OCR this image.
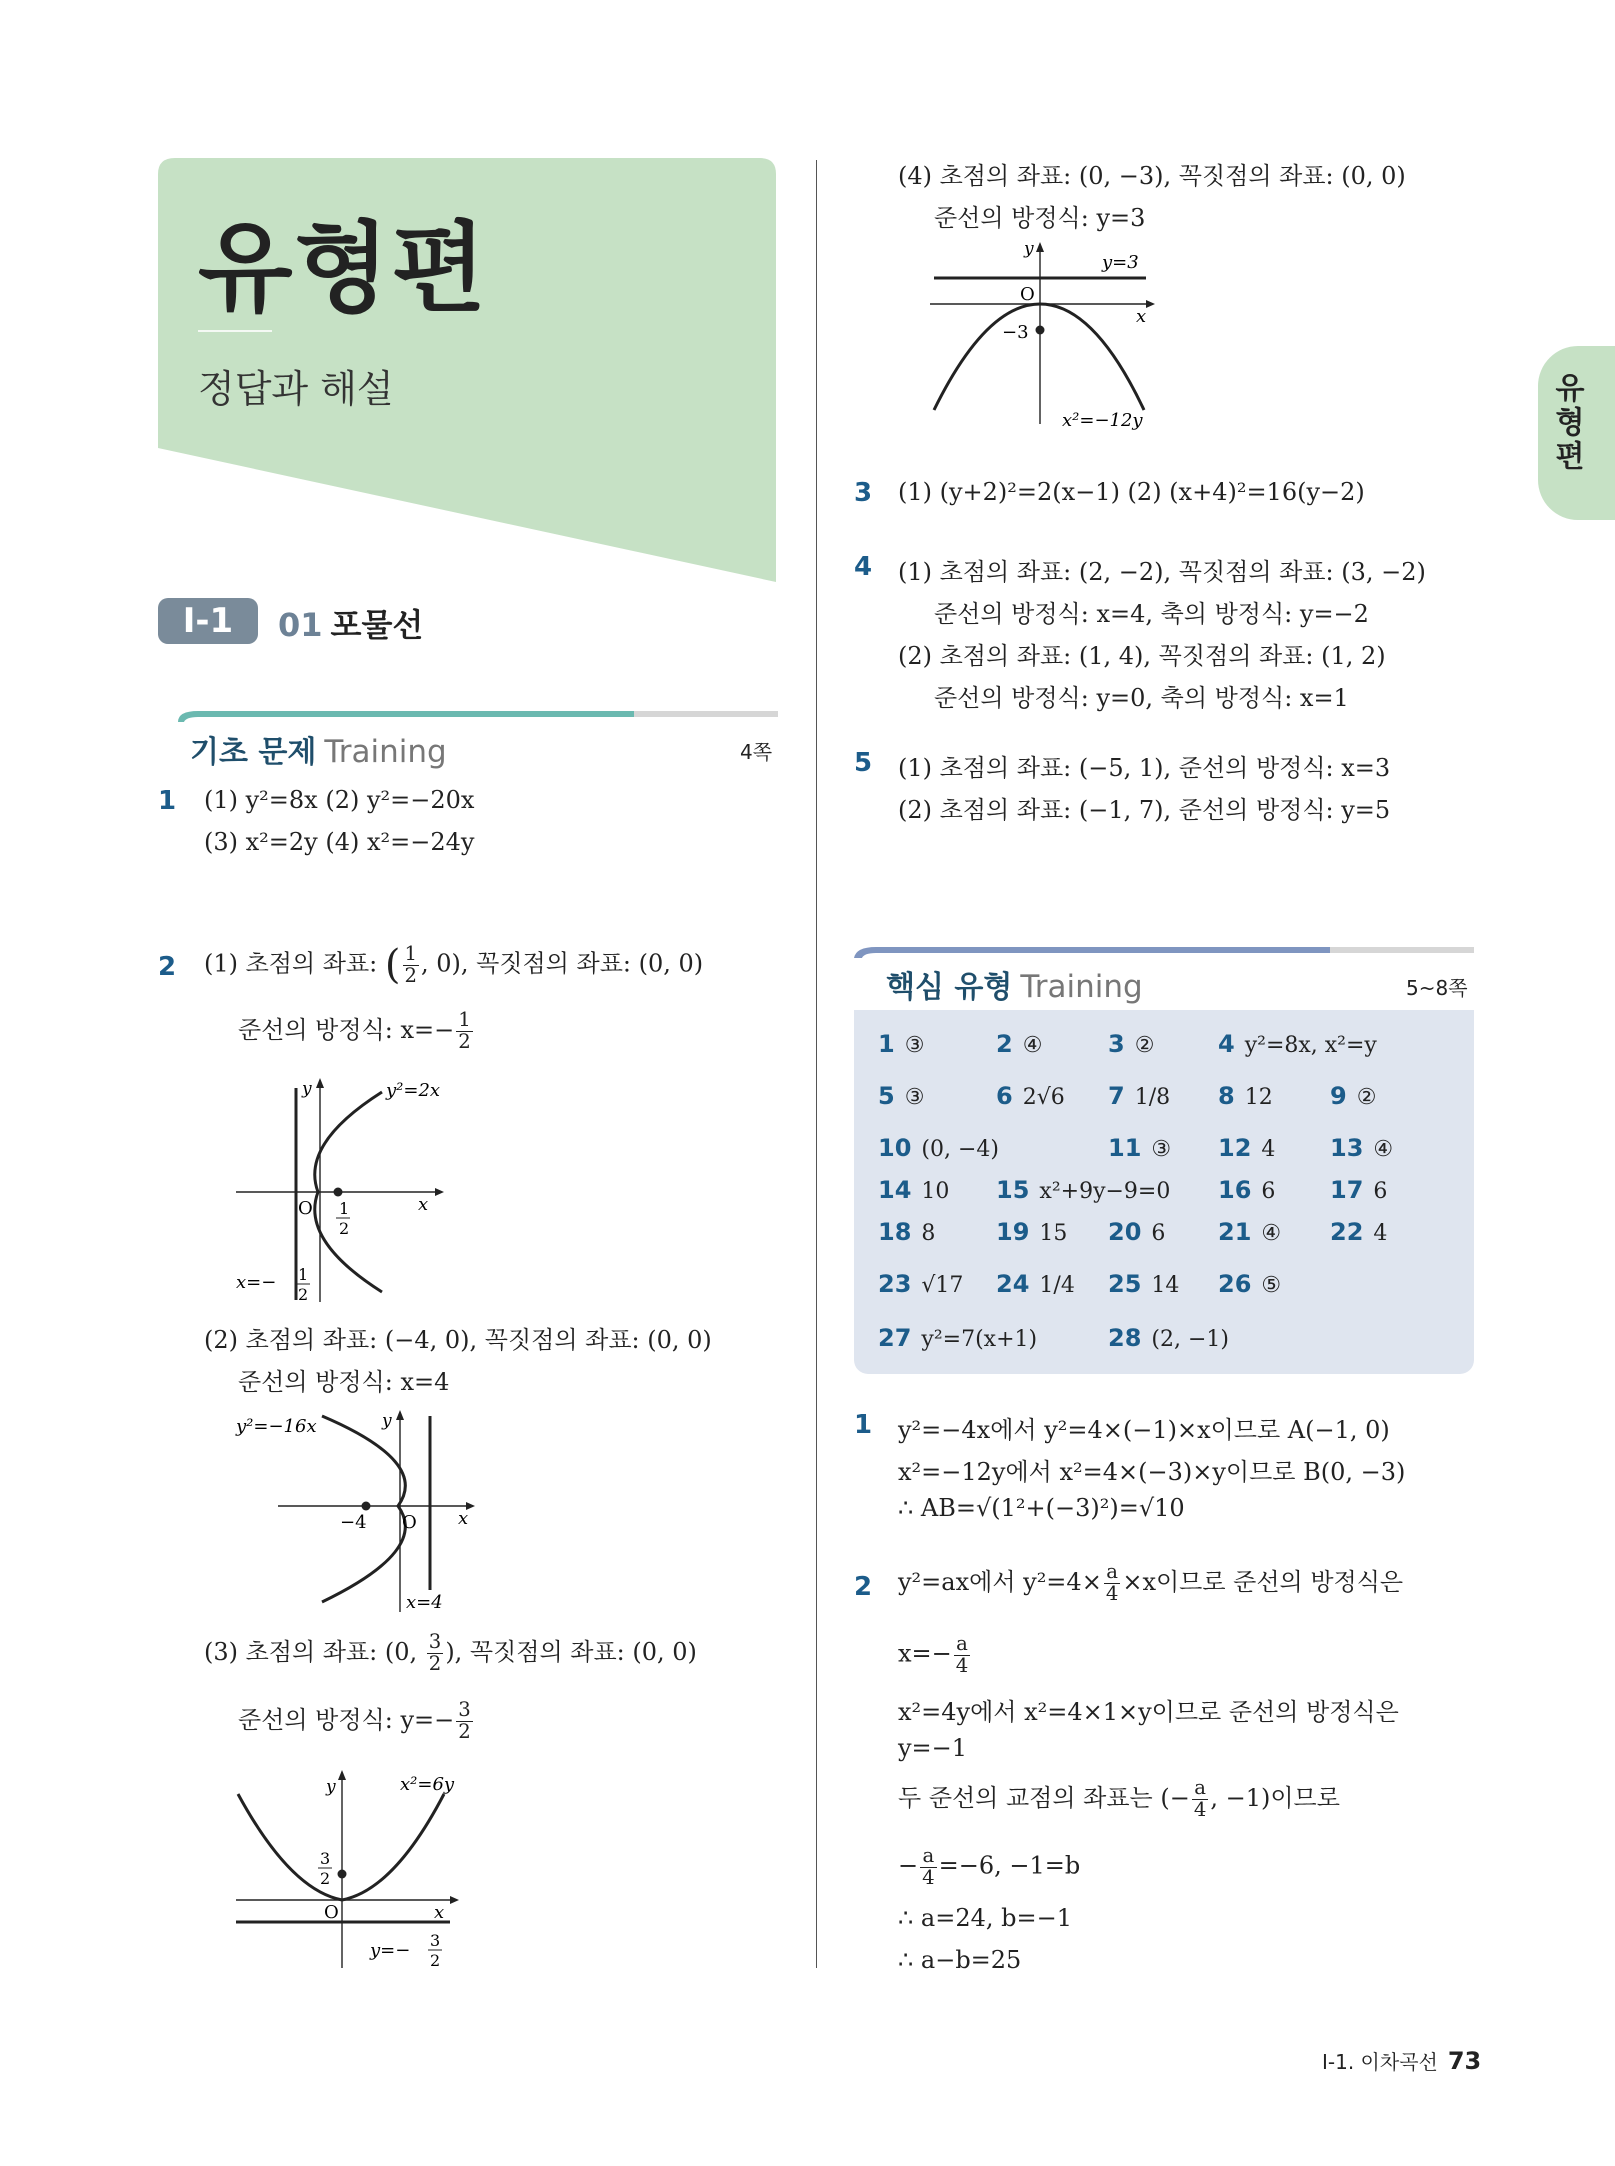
유형편
정답과 해설	유형편
Ⅰ-1	01 포물선
기초 문제 Training	4쪽
1 (1) y²=8x (2) y²=−20x
(3) x²=2y (4) x²=−24y
2 (1) 초점의 좌표: ( $\frac{1}{2}$ , 0), 꼭짓점의 좌표: (0, 0)
준선의 방정식: $x=- \frac{1}{2}$
y	y²=2x
O	x
1
2
x=− 1
2
(2) 초점의 좌표: (−4, 0), 꼭짓점의 좌표: (0, 0)
준선의 방정식: x=4
y²=−16x	y
−4 O x
x=4
(3) 초점의 좌표: (0, $\frac{3}{2}$ ), 꼭짓점의 좌표: (0, 0)
준선의 방정식: $y=- \frac{3}{2}$
y	x²=6y
3
2
O	x
y=− 3
2
(4) 초점의 좌표: (0, −3), 꼭짓점의 좌표: (0, 0)
준선의 방정식: y=3
y
y=3
O
x
−3
x²=−12y
3 (1) (y+2)²=2(x−1) (2) (x+4)²=16(y−2)
4 (1) 초점의 좌표: (2, −2), 꼭짓점의 좌표: (3, −2)
준선의 방정식: x=4, 축의 방정식: y=−2
(2) 초점의 좌표: (1, 4), 꼭짓점의 좌표: (1, 2)
준선의 방정식: y=0, 축의 방정식: x=1
5 (1) 초점의 좌표: (−5, 1), 준선의 방정식: x=3
(2) 초점의 좌표: (−1, 7), 준선의 방정식: y=5
핵심 유형 Training	5~8쪽
1 ③	2 ④	3 ②	4 y²=8x, x²=y
5 ③	6 2√6 7 1/8 8 12 9 ②
10 (0, −4)	11 ③ 12 4 13 ④
14 10 15 x²+9y−9=0 16 6 17 6
18 8	19 15 20 6 21 ④ 22 4
23 √17 24 1/4 25 14 26 ⑤
27 y²=7(x+1)	28 (2, −1)
1 y²=−4x에서 y²=4×(−1)×x이므로 A(−1, 0)
x²=−12y에서 x²=4×(−3)×y이므로 B(0, −3)
∴ AB=√(1²+(−3)²)=√10
2 y²=ax에서 $y^2=4\times \frac{a}{4} \times x$이므로 준선의 방정식은
$x=- \frac{a}{4}$
x²=4y에서 x²=4×1×y이므로 준선의 방정식은
y=−1
두 준선의 교점의 좌표는 (− $\frac{a}{4}$ , −1)이므로
− $\frac{a}{4} =-6$, −1=b
∴ a=24, b=−1
∴ a−b=25
Ⅰ-1. 이차곡선 73
